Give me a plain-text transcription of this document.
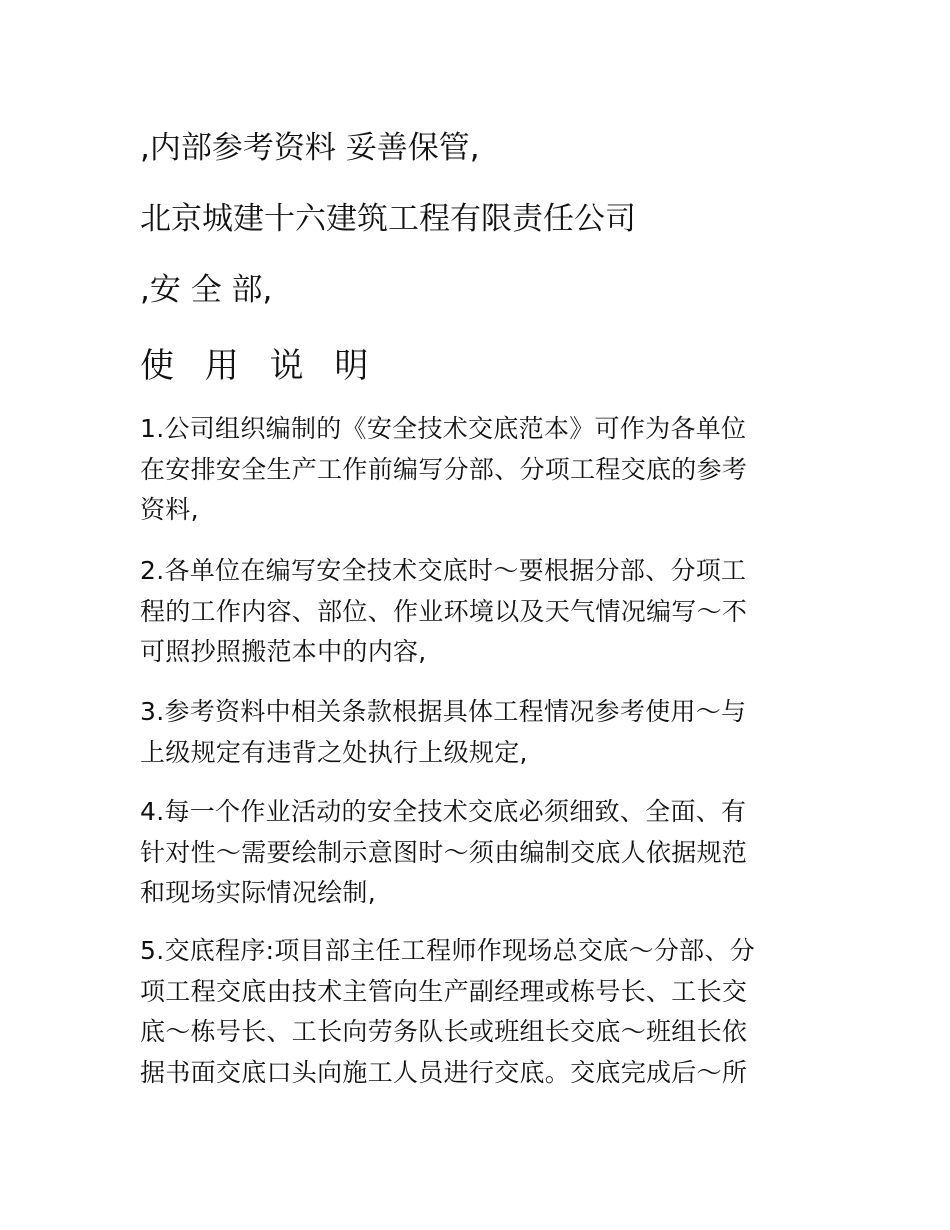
,内部参考资料 妥善保管,

北京城建十六建筑工程有限责任公司

,安 全 部,

使 用 说 明

1.公司组织编制的《安全技术交底范本》可作为各单位
在安排安全生产工作前编写分部、分项工程交底的参考
资料,
2.各单位在编写安全技术交底时～要根据分部、分项工
程的工作内容、部位、作业环境以及天气情况编写～不
可照抄照搬范本中的内容,
3.参考资料中相关条款根据具体工程情况参考使用～与
上级规定有违背之处执行上级规定,
4.每一个作业活动的安全技术交底必须细致、全面、有
针对性～需要绘制示意图时～须由编制交底人依据规范
和现场实际情况绘制,
5.交底程序:项目部主任工程师作现场总交底～分部、分
项工程交底由技术主管向生产副经理或栋号长、工长交
底～栋号长、工长向劳务队长或班组长交底～班组长依
据书面交底口头向施工人员进行交底。交底完成后～所
